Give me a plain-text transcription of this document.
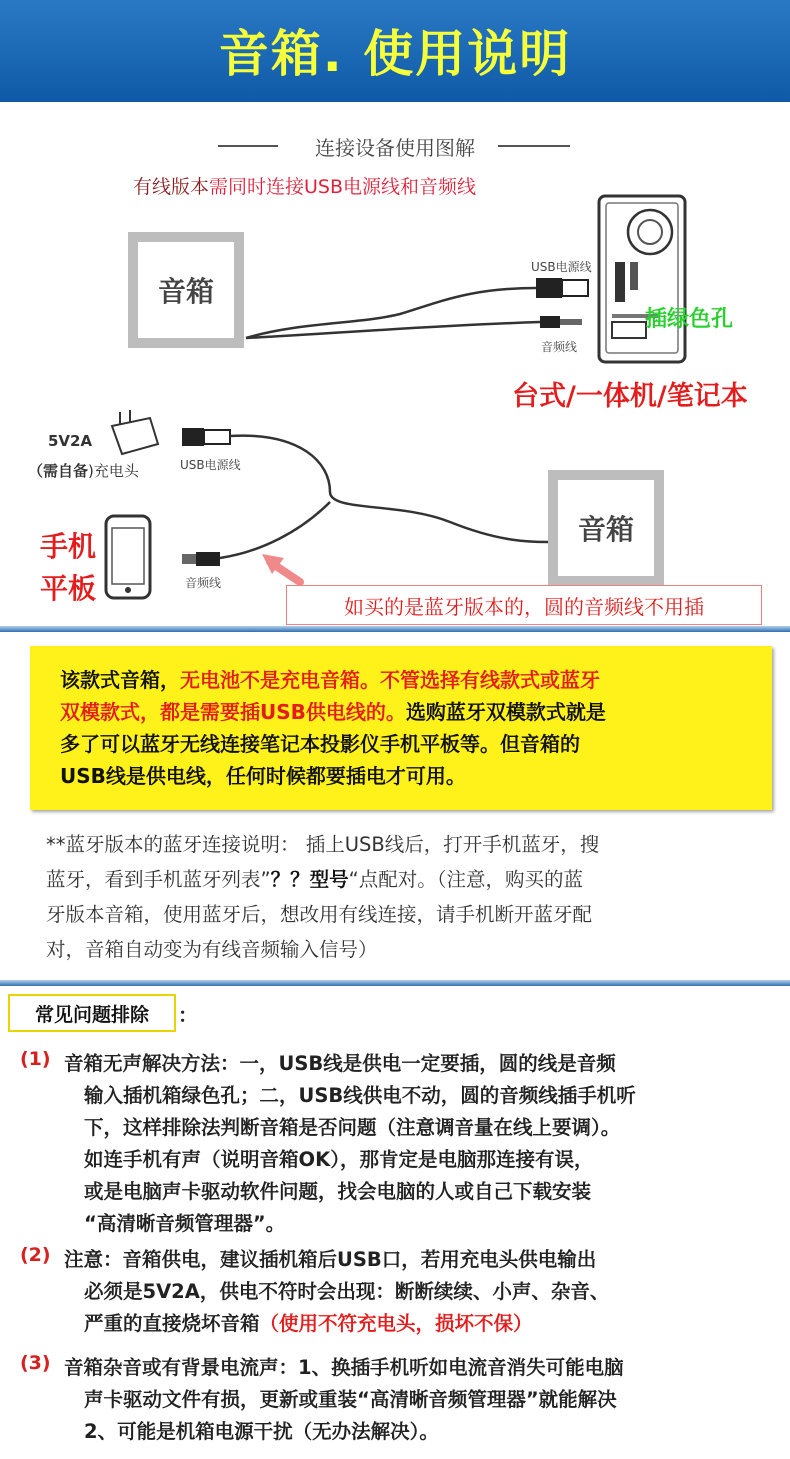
音箱. 使用说明
连接设备使用图解
有线版本需同时连接USB电源线和音频线
音箱
音箱
USB电源线
音频线
插绿色孔
台式/一体机/笔记本
5V2A
（需自备)充电头	USB电源线
音频线
手机
平板
如买的是蓝牙版本的，圆的音频线不用插
该款式音箱，无电池不是充电音箱。不管选择有线款式或蓝牙
双模款式，都是需要插USB供电线的。选购蓝牙双模款式就是
多了可以蓝牙无线连接笔记本投影仪手机平板等。但音箱的
USB线是供电线，任何时候都要插电才可用。
**蓝牙版本的蓝牙连接说明： 插上USB线后，打开手机蓝牙，搜
蓝牙，看到手机蓝牙列表”？？型号“点配对。（注意，购买的蓝
牙版本音箱，使用蓝牙后，想改用有线连接，请手机断开蓝牙配
对，音箱自动变为有线音频输入信号）
常见问题排除	：
(1) 音箱无声解决方法：一，USB线是供电一定要插，圆的线是音频
输入插机箱绿色孔；二，USB线供电不动，圆的音频线插手机听
下，这样排除法判断音箱是否问题（注意调音量在线上要调）。
如连手机有声（说明音箱OK），那肯定是电脑那连接有误，
或是电脑声卡驱动软件问题，找会电脑的人或自己下载安装
“高清晰音频管理器”。
(2) 注意：音箱供电，建议插机箱后USB口，若用充电头供电输出
必须是5V2A，供电不符时会出现：断断续续、小声、杂音、
严重的直接烧坏音箱（使用不符充电头，损坏不保）
(3) 音箱杂音或有背景电流声：1、换插手机听如电流音消失可能电脑
声卡驱动文件有损，更新或重装“高清晰音频管理器”就能解决
2、可能是机箱电源干扰（无办法解决）。
